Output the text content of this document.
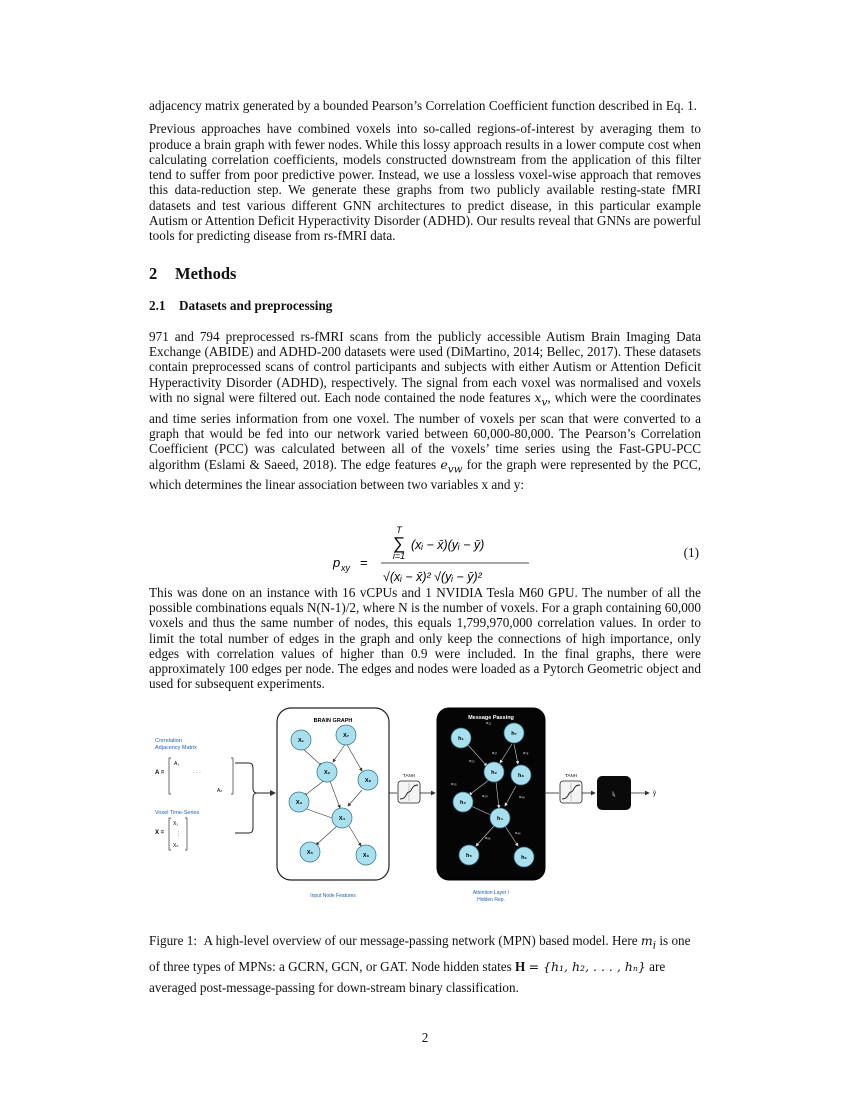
adjacency matrix generated by a bounded Pearson’s Correlation Coefficient function described in Eq. 1.

Previous approaches have combined voxels into so-called regions-of-interest by averaging them to produce a brain graph with fewer nodes. While this lossy approach results in a lower compute cost when calculating correlation coefficients, models constructed downstream from the application of this filter tend to suffer from poor predictive power. Instead, we use a lossless voxel-wise approach that removes this data-reduction step. We generate these graphs from two publicly available resting-state fMRI datasets and test various different GNN architectures to predict disease, in this particular example Autism or Attention Deficit Hyperactivity Disorder (ADHD). Our results reveal that GNNs are powerful tools for predicting disease from rs-fMRI data.

2 Methods
2.1 Datasets and preprocessing

971 and 794 preprocessed rs-fMRI scans from the publicly accessible Autism Brain Imaging Data Exchange (ABIDE) and ADHD-200 datasets were used (DiMartino, 2014; Bellec, 2017). These datasets contain preprocessed scans of control participants and subjects with either Autism or Attention Deficit Hyperactivity Disorder (ADHD), respectively. The signal from each voxel was normalised and voxels with no signal were filtered out. Each node contained the node features $x_v$, which were the coordinates and time series information from one voxel. The number of voxels per scan that were converted to a graph that would be fed into our network varied between 60,000-80,000. The Pearson’s Correlation Coefficient (PCC) was calculated between all of the voxels’ time series using the Fast-GPU-PCC algorithm (Eslami & Saeed, 2018). The edge features $e_{vw}$ for the graph were represented by the PCC, which determines the linear association between two variables x and y:

p xy =
T
∑
i=1
(xᵢ − x̄)(yᵢ − ȳ)
√(xᵢ − x̄)² √(yᵢ − ȳ)²
(1)

This was done on an instance with 16 vCPUs and 1 NVIDIA Tesla M60 GPU. The number of all the possible combinations equals N(N-1)/2, where N is the number of voxels. For a graph containing 60,000 voxels and thus the same number of nodes, this equals 1,799,970,000 correlation values. In order to limit the total number of edges in the graph and only keep the connections of high importance, only edges with correlation values of higher than 0.9 were included. In the final graphs, there were approximately 100 edges per node. The edges and nodes were loaded as a Pytorch Geometric object and used for subsequent experiments.

Correlation
Adjacency Matrix
A =
A₁
· · ·
Aₙ
Voxel Time-Series
X =
X₁
⋮
Xₙ
BRAIN GRAPH
X₁
X₇
X₂
X₈
X₃
X₄
X₅	X₆
Input Node Features
TANH
Message Passing
α₁₂
α₂₇
α₂₃
α₇₈
α₃₄	α₄₈
α₄₅
α₅₆
α₃₅
h₁
h₇
h₂	h₈
h₃
h₄
h₅	h₆
Attention Layer /
Hidden Rep.
TANH
l₁	ŷ

Figure 1: A high-level overview of our message-passing network (MPN) based model. Here $m_i$ is one of three types of MPNs: a GCRN, GCN, or GAT. Node hidden states H = {h₁, h₂, . . . , hₙ} are averaged post-message-passing for down-stream binary classification.

2
